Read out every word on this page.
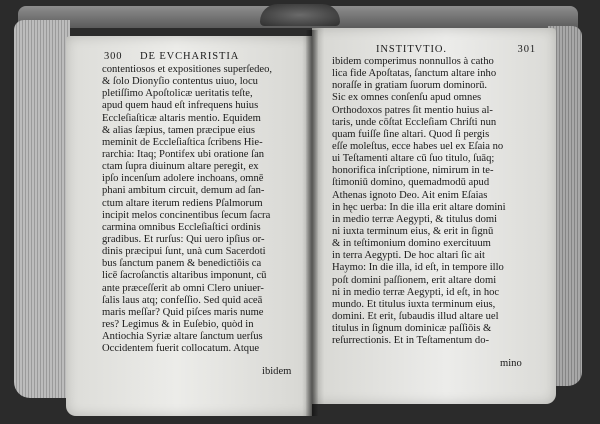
300 DE EVCHARISTIA
INSTITVTIO.	301
contentiosos et expositiones superſedeo,
& ſolo Dionyſio contentus uiuo, locu
pletiſſimo Apoſtolicæ ueritatis teſte,
apud quem haud eſt infrequens huius
Eccleſiaſticæ altaris mentio. Equidem
& alias ſæpius, tamen præcipue eius
meminit de Eccleſiaſtica ſcribens Hie-
rarchia: Itaq; Pontifex ubi oratione ſan
ctam ſupra diuinum altare peregit, ex
ipſo incenſum adolere inchoans, omnē
phani ambitum circuit, demum ad ſan-
ctum altare iterum rediens Pſalmorum
incipit melos concinentibus ſecum ſacra
carmina omnibus Eccleſiaſtici ordinis
gradibus. Et rurſus: Qui uero ipſius or-
dinis præcipui ſunt, unà cum Sacerdoti
bus ſanctum panem & benedictiōis ca
licē ſacroſanctis altaribus imponunt, cū
ante præceſſerit ab omni Clero uniuer-
ſalis laus atq; confeſſio. Sed quid aceā
maris meſſar? Quid piſces maris nume
res? Legimus & in Euſebio, quòd in
Antiochia Syriæ altare ſanctum uerſus
Occidentem fuerit collocatum. Atque
ibidem
ibidem comperimus nonnullos à catho
lica fide Apoſtatas, ſanctum altare inho
noraſſe in gratiam ſuorum dominorū.
Sic ex omnes conſenſu apud omnes
Orthodoxos patres ſit mentio huius al-
taris, unde cōſtat Eccleſiam Chriſti nun
quam fuiſſe ſine altari. Quod ſi pergis
eſſe moleſtus, ecce habes uel ex Eſaia no
ui Teſtamenti altare cū ſuo titulo, ſuāq;
honorifica inſcriptione, nimirum in te-
ſtimoniū domino, quemadmodū apud
Athenas ignoto Deo. Ait enim Eſaias
in hęc uerba: In die illa erit altare domini
in medio terræ Aegypti, & titulus domi
ni iuxta terminum eius, & erit in ſignū
& in teſtimonium domino exercituum
in terra Aegypti. De hoc altari ſic ait
Haymo: In die illa, id eſt, in tempore illo
poſt domini paſſionem, erit altare domi
ni in medio terræ Aegypti, id eſt, in hoc
mundo. Et titulus iuxta terminum eius,
domini. Et erit, ſubaudis illud altare uel
titulus in ſignum dominicæ paſſiōis &
reſurrectionis. Et in Teſtamentum do-
mino
